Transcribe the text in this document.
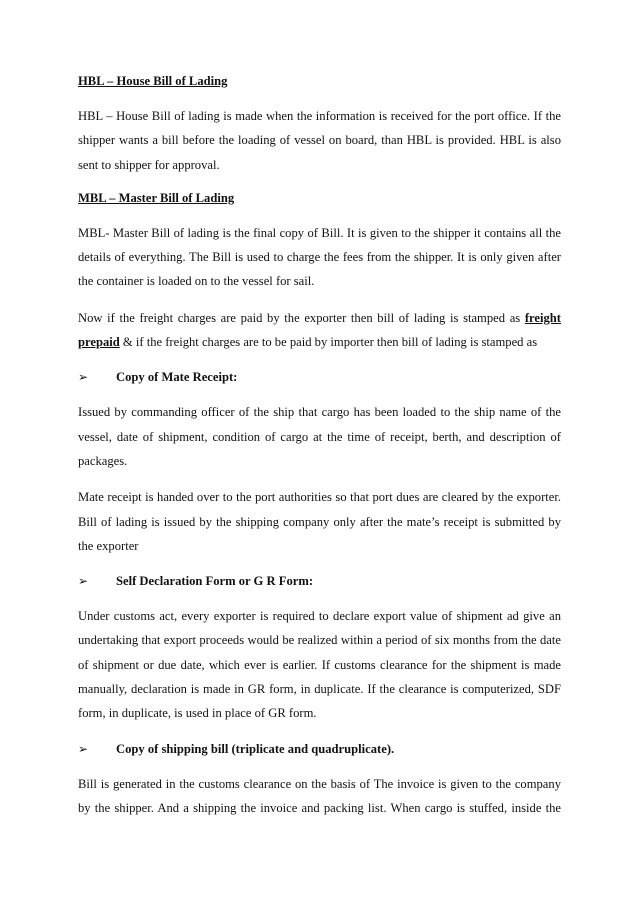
HBL – House Bill of Lading

HBL – House Bill of lading is made when the information is received for the port office. If the shipper wants a bill before the loading of vessel on board, than HBL is provided. HBL is also sent to shipper for approval.

MBL – Master Bill of Lading

MBL- Master Bill of lading is the final copy of Bill. It is given to the shipper it contains all the details of everything. The Bill is used to charge the fees from the shipper. It is only given after the container is loaded on to the vessel for sail.

Now if the freight charges are paid by the exporter then bill of lading is stamped as freight prepaid & if the freight charges are to be paid by importer then bill of lading is stamped as

➢	Copy of Mate Receipt:

Issued by commanding officer of the ship that cargo has been loaded to the ship name of the vessel, date of shipment, condition of cargo at the time of receipt, berth, and description of packages.

Mate receipt is handed over to the port authorities so that port dues are cleared by the exporter. Bill of lading is issued by the shipping company only after the mate’s receipt is submitted by the exporter

➢	Self Declaration Form or G R Form:

Under customs act, every exporter is required to declare export value of shipment ad give an undertaking that export proceeds would be realized within a period of six months from the date of shipment or due date, which ever is earlier. If customs clearance for the shipment is made manually, declaration is made in GR form, in duplicate. If the clearance is computerized, SDF form, in duplicate, is used in place of GR form.

➢	Copy of shipping bill (triplicate and quadruplicate).

Bill is generated in the customs clearance on the basis of The invoice is given to the company by the shipper. And a shipping the invoice and packing list. When cargo is stuffed, inside the
